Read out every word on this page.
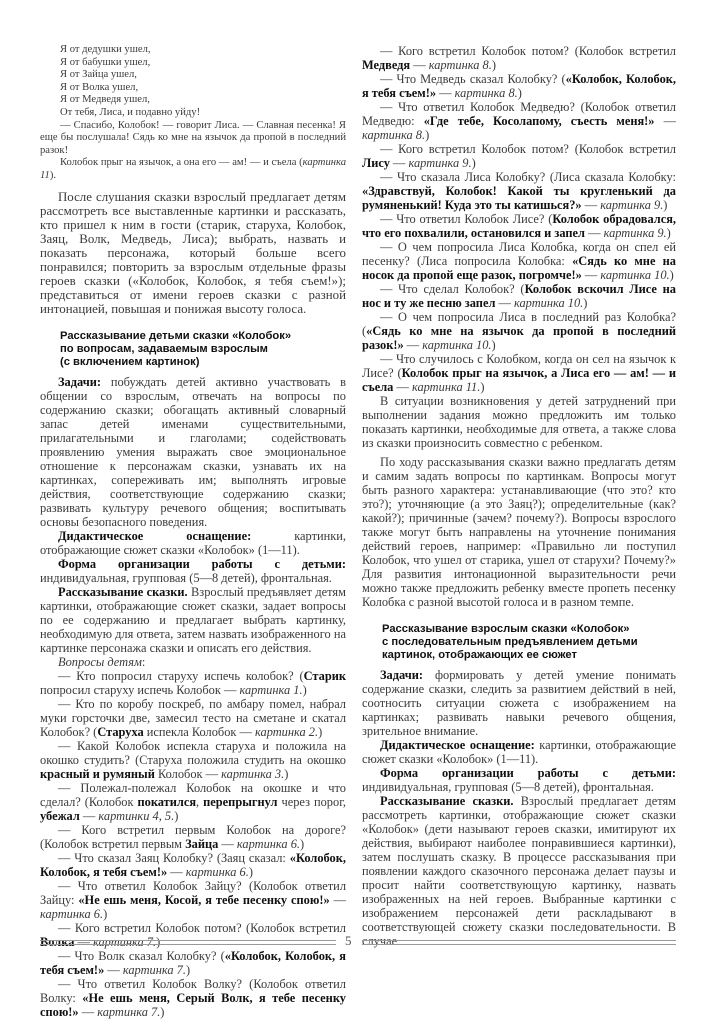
Я от дедушки ушел,

Я от бабушки ушел,

Я от Зайца ушел,

Я от Волка ушел,

Я от Медведя ушел,

От тебя, Лиса, и подавно уйду!

— Спасибо, Колобок! — говорит Лиса. — Славная песенка! Я еще бы послушала! Сядь ко мне на язычок да пропой в последний разок!

Колобок прыг на язычок, а она его — ам! — и съела (картинка 11).

После слушания сказки взрослый предлагает детям рассмотреть все выставленные картинки и рассказать, кто пришел к ним в гости (старик, старуха, Колобок, Заяц, Волк, Медведь, Лиса); выбрать, назвать и показать персонажа, который больше всего понравился; повторить за взрослым отдельные фразы героев сказки («Колобок, Колобок, я тебя съем!»); представиться от имени героев сказки с разной интонацией, повышая и понижая высоту голоса.

Рассказывание детьми сказки «Колобок»
по вопросам, задаваемым взрослым
(с включением картинок)

Задачи: побуждать детей активно участвовать в общении со взрослым, отвечать на вопросы по содержанию сказки; обогащать активный словарный запас детей именами существительными, прилагательными и глаголами; содействовать проявлению умения выражать свое эмоциональное отношение к персонажам сказки, узнавать их на картинках, сопереживать им; выполнять игровые действия, соответствующие содержанию сказки; развивать культуру речевого общения; воспитывать основы безопасного поведения.

Дидактическое оснащение: картинки, отображающие сюжет сказки «Колобок» (1—11).

Форма организации работы с детьми: индивидуальная, групповая (5—8 детей), фронтальная.

Рассказывание сказки. Взрослый предъявляет детям картинки, отображающие сюжет сказки, задает вопросы по ее содержанию и предлагает выбрать картинку, необходимую для ответа, затем назвать изображенного на картинке персонажа сказки и описать его действия.

Вопросы детям:

— Кто попросил старуху испечь колобок? (Старик попросил старуху испечь Колобок — картинка 1.)

— Кто по коробу поскреб, по амбару помел, набрал муки горсточки две, замесил тесто на сметане и скатал Колобок? (Старуха испекла Колобок — картинка 2.)

— Какой Колобок испекла старуха и положила на окошко студить? (Старуха положила студить на окошко красный и румяный Колобок — картинка 3.)

— Полежал-полежал Колобок на окошке и что сделал? (Колобок покатился, перепрыгнул через порог, убежал — картинки 4, 5.)

— Кого встретил первым Колобок на дороге? (Колобок встретил первым Зайца — картинка 6.)

— Что сказал Заяц Колобку? (Заяц сказал: «Колобок, Колобок, я тебя съем!» — картинка 6.)

— Что ответил Колобок Зайцу? (Колобок ответил Зайцу: «Не ешь меня, Косой, я тебе песенку спою!» — картинка 6.)

— Кого встретил Колобок потом? (Колобок встретил Волка — картинка 7.)

— Что Волк сказал Колобку? («Колобок, Колобок, я тебя съем!» — картинка 7.)

— Что ответил Колобок Волку? (Колобок ответил Волку: «Не ешь меня, Серый Волк, я тебе песенку спою!» — картинка 7.)

— Кого встретил Колобок потом? (Колобок встретил Медведя — картинка 8.)

— Что Медведь сказал Колобку? («Колобок, Колобок, я тебя съем!» — картинка 8.)

— Что ответил Колобок Медведю? (Колобок ответил Медведю: «Где тебе, Косолапому, съесть меня!» — картинка 8.)

— Кого встретил Колобок потом? (Колобок встретил Лису — картинка 9.)

— Что сказала Лиса Колобку? (Лиса сказала Колобку: «Здравствуй, Колобок! Какой ты кругленький да румяненький! Куда это ты катишься?» — картинка 9.)

— Что ответил Колобок Лисе? (Колобок обрадовался, что его похвалили, остановился и запел — картинка 9.)

— О чем попросила Лиса Колобка, когда он спел ей песенку? (Лиса попросила Колобка: «Сядь ко мне на носок да пропой еще разок, погромче!» — картинка 10.)

— Что сделал Колобок? (Колобок вскочил Лисе на нос и ту же песню запел — картинка 10.)

— О чем попросила Лиса в последний раз Колобка? («Сядь ко мне на язычок да пропой в последний разок!» — картинка 10.)

— Что случилось с Колобком, когда он сел на язычок к Лисе? (Колобок прыг на язычок, а Лиса его — ам! — и съела — картинка 11.)

В ситуации возникновения у детей затруднений при выполнении задания можно предложить им только показать картинки, необходимые для ответа, а также слова из сказки произносить совместно с ребенком.

По ходу рассказывания сказки важно предлагать детям и самим задать вопросы по картинкам. Вопросы могут быть разного характера: устанавливающие (что это? кто это?); уточняющие (а это Заяц?); определительные (как? какой?); причинные (зачем? почему?). Вопросы взрослого также могут быть направлены на уточнение понимания действий героев, например: «Правильно ли поступил Колобок, что ушел от старика, ушел от старухи? Почему?» Для развития интонационной выразительности речи можно также предложить ребенку вместе пропеть песенку Колобка с разной высотой голоса и в разном темпе.

Рассказывание взрослым сказки «Колобок»
с последовательным предъявлением детьми
картинок, отображающих ее сюжет

Задачи: формировать у детей умение понимать содержание сказки, следить за развитием действий в ней, соотносить ситуации сюжета с изображением на картинках; развивать навыки речевого общения, зрительное внимание.

Дидактическое оснащение: картинки, отображающие сюжет сказки «Колобок» (1—11).

Форма организации работы с детьми: индивидуальная, групповая (5—8 детей), фронтальная.

Рассказывание сказки. Взрослый предлагает детям рассмотреть картинки, отображающие сюжет сказки «Колобок» (дети называют героев сказки, имитируют их действия, выбирают наиболее понравившиеся картинки), затем послушать сказку. В процессе рассказывания при появлении каждого сказочного персонажа делает паузы и просит найти соответствующую картинку, назвать изображенных на ней героев. Выбранные картинки с изображением персонажей дети раскладывают в соответствующей сюжету сказки последовательности. В случае

5
